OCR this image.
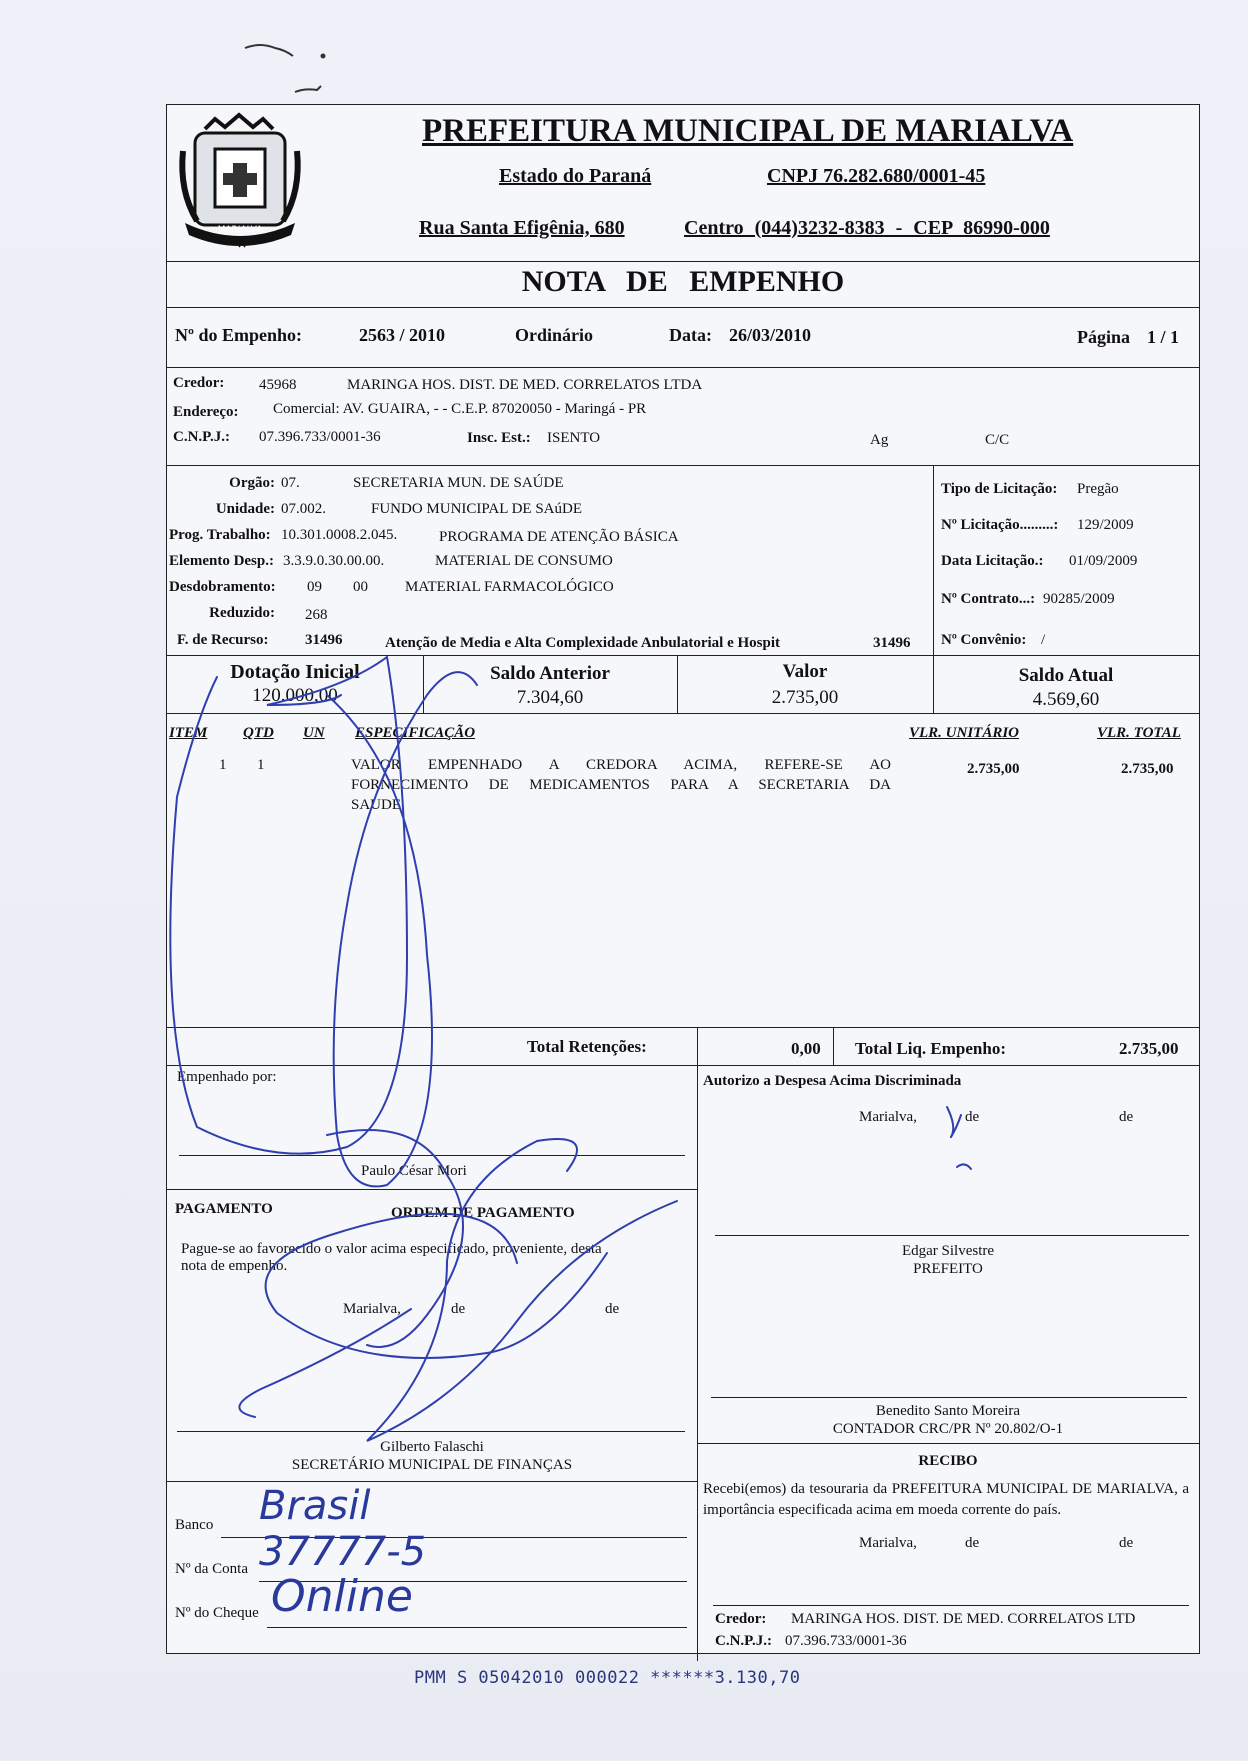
MARIALVA
PREFEITURA MUNICIPAL DE MARIALVA
Estado do Paraná	CNPJ 76.282.680/0001-45
Rua Santa Efigênia, 680	Centro (044)3232-8383 - CEP 86990-000
NOTA DE EMPENHO
Nº do Empenho:	2563 / 2010	Ordinário	Data: 26/03/2010	Página 1 / 1
Credor: 45968	MARINGA HOS. DIST. DE MED. CORRELATOS LTDA
Endereço: Comercial: AV. GUAIRA, - - C.E.P. 87020050 - Maringá - PR
C.N.P.J.: 07.396.733/0001-36	Insc. Est.: ISENTO	Ag	C/C
Orgão: 07.	SECRETARIA MUN. DE SAÚDE
Unidade: 07.002.	FUNDO MUNICIPAL DE SAúDE
Prog. Trabalho: 10.301.0008.2.045.	PROGRAMA DE ATENÇÃO BÁSICA
Elemento Desp.: 3.3.9.0.30.00.00.	MATERIAL DE CONSUMO
Desdobramento: 09 00 MATERIAL FARMACOLÓGICO
Reduzido: 268
F. de Recurso: 31496	Atenção de Media e Alta Complexidade Anbulatorial e Hospit	31496
Tipo de Licitação: Pregão
Nº Licitação.........: 129/2009
Data Licitação.: 01/09/2009
Nº Contrato...: 90285/2009
Nº Convênio: /
Dotação Inicial
120.000,00
Saldo Anterior
7.304,60
Valor
2.735,00
Saldo Atual
4.569,60
ITEM QTD UN ESPECIFICAÇÃO	VLR. UNITÁRIO	VLR. TOTAL
1 1	VALOR EMPENHADO A CREDORA ACIMA, REFERE-SE AO
FORNECIMENTO DE MEDICAMENTOS PARA A SECRETARIA DA
SAUDE.
2.735,00	2.735,00
Total Retenções:	0,00 Total Liq. Empenho:	2.735,00
Empenhado por:
Paulo César Mori
PAGAMENTO	ORDEM DE PAGAMENTO
Pague-se ao favorecido o valor acima especificado, proveniente, desta nota de empenho.
Marialva,	de	de
Gilberto Falaschi
SECRETÁRIO MUNICIPAL DE FINANÇAS
Banco Brasil
Nº da Conta 37777-5
Nº do Cheque Online
Autorizo a Despesa Acima Discriminada
Marialva,	de	de
Edgar Silvestre
PREFEITO
Benedito Santo Moreira
CONTADOR CRC/PR Nº 20.802/O-1
RECIBO
Recebi(emos) da tesouraria da PREFEITURA MUNICIPAL DE MARIALVA, a importância especificada acima em moeda corrente do país.
Marialva,	de	de
Credor: MARINGA HOS. DIST. DE MED. CORRELATOS LTD
C.N.P.J.: 07.396.733/0001-36
PMM S 05042010 000022 ******3.130,70
